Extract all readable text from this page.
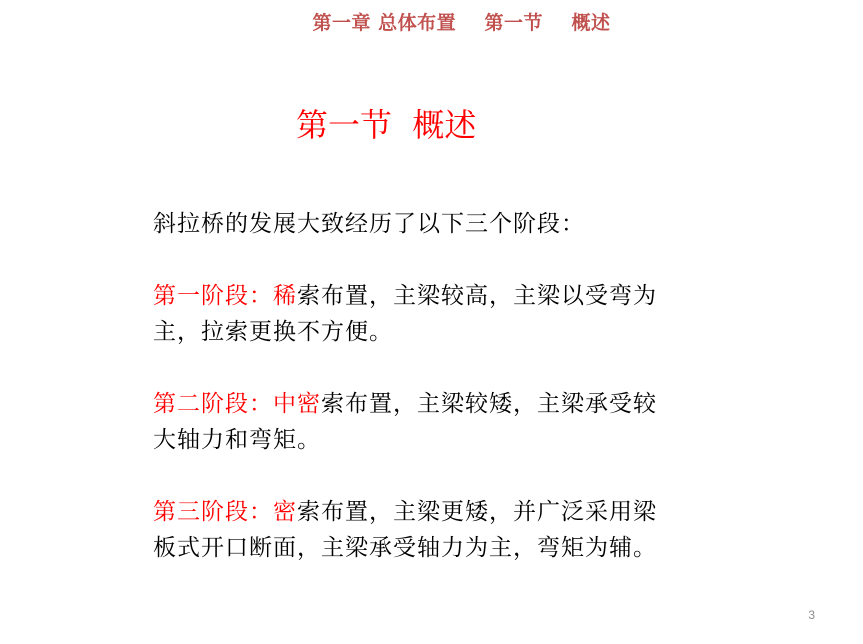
第一章 总体布置    第一节    概述
第一节  概述

斜拉桥的发展大致经历了以下三个阶段：

第一阶段：稀索布置，主梁较高，主梁以受弯为
主，拉索更换不方便。
第二阶段：中密索布置，主梁较矮，主梁承受较
大轴力和弯矩。
第三阶段：密索布置，主梁更矮，并广泛采用梁
板式开口断面，主梁承受轴力为主，弯矩为辅。
3
